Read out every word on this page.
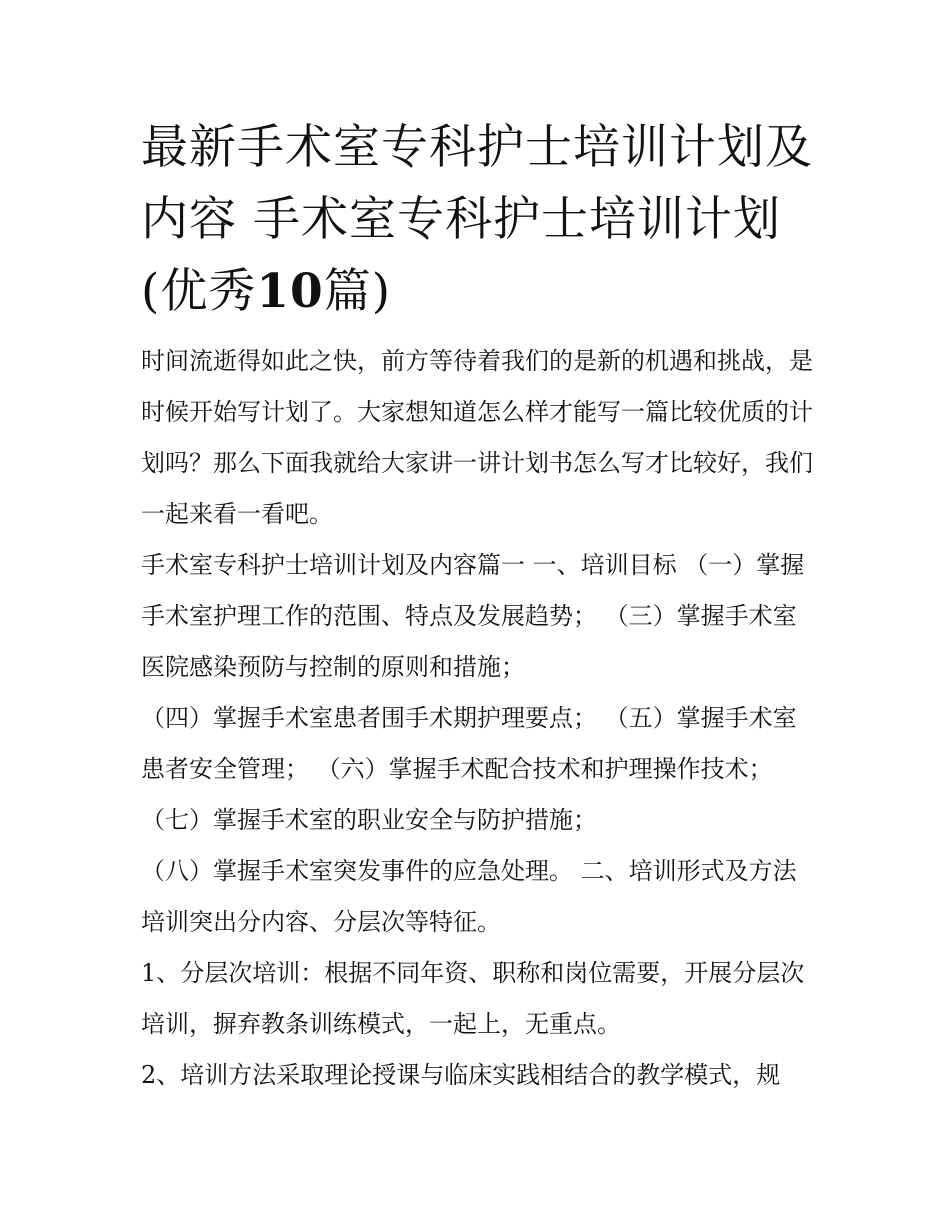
最新手术室专科护士培训计划及内容 手术室专科护士培训计划(优秀10篇)

时间流逝得如此之快，前方等待着我们的是新的机遇和挑战，是时候开始写计划了。大家想知道怎么样才能写一篇比较优质的计划吗？那么下面我就给大家讲一讲计划书怎么写才比较好，我们一起来看一看吧。

手术室专科护士培训计划及内容篇一 一、培训目标 （一）掌握手术室护理工作的范围、特点及发展趋势； （三）掌握手术室医院感染预防与控制的原则和措施；

（四）掌握手术室患者围手术期护理要点； （五）掌握手术室患者安全管理； （六）掌握手术配合技术和护理操作技术； （七）掌握手术室的职业安全与防护措施；

（八）掌握手术室突发事件的应急处理。 二、培训形式及方法 培训突出分内容、分层次等特征。

1、分层次培训：根据不同年资、职称和岗位需要，开展分层次培训，摒弃教条训练模式，一起上，无重点。

2、培训方法采取理论授课与临床实践相结合的教学模式，规
